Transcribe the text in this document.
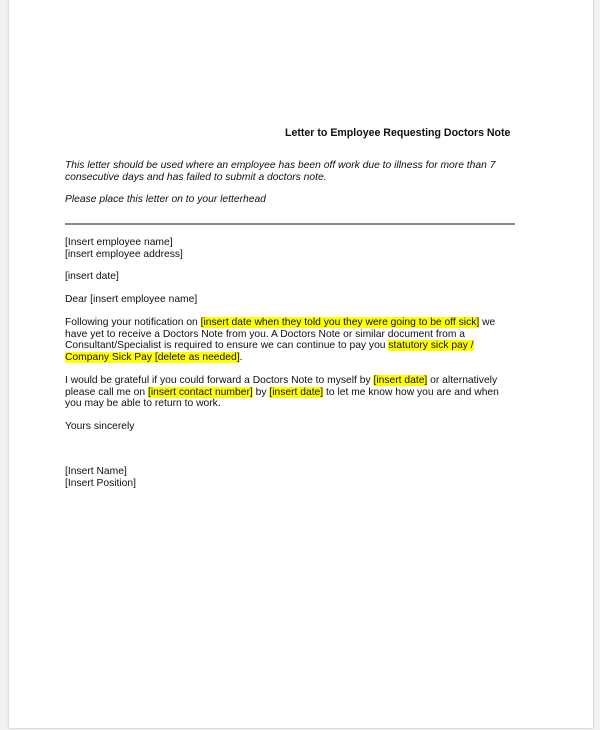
Letter to Employee Requesting Doctors Note
This letter should be used where an employee has been off work due to illness for more than 7
consecutive days and has failed to submit a doctors note.
Please place this letter on to your letterhead
[Insert employee name]
[insert employee address]
[insert date]
Dear [insert employee name]
Following your notification on [insert date when they told you they were going to be off sick] we
have yet to receive a Doctors Note from you. A Doctors Note or similar document from a
Consultant/Specialist is required to ensure we can continue to pay you statutory sick pay /
Company Sick Pay [delete as needed].
I would be grateful if you could forward a Doctors Note to myself by [insert date] or alternatively
please call me on [insert contact number] by [insert date] to let me know how you are and when
you may be able to return to work.
Yours sincerely
[Insert Name]
[Insert Position]
